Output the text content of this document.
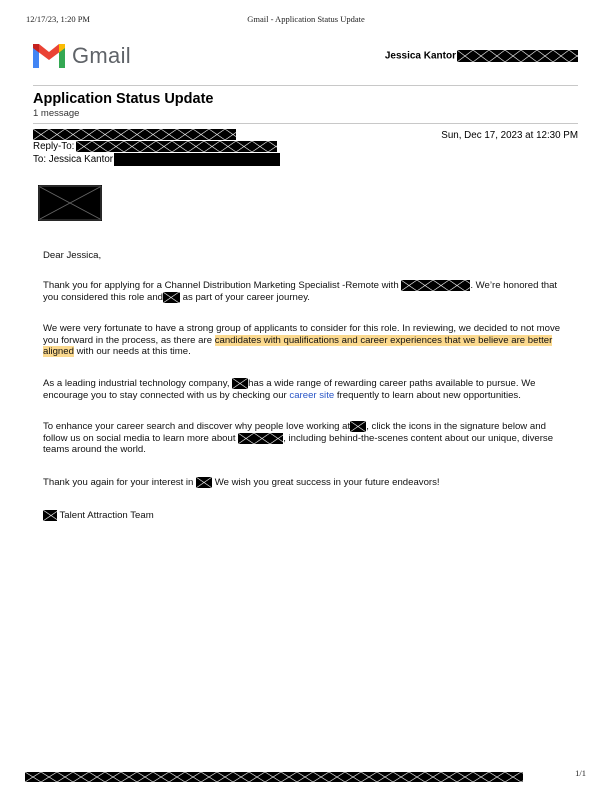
12/17/23, 1:20 PM	Gmail - Application Status Update
Gmail	Jessica Kantor
Application Status Update
1 message
Sun, Dec 17, 2023 at 12:30 PM
Reply-To:
To: Jessica Kantor
Dear Jessica,
Thank you for applying for a Channel Distribution Marketing Specialist -Remote with	. We’re honored that
you considered this role and as part of your career journey.
We were very fortunate to have a strong group of applicants to consider for this role. In reviewing, we decided to not move
you forward in the process, as there are candidates with qualifications and career experiences that we believe are better
aligned with our needs at this time.
As a leading industrial technology company, has a wide range of rewarding career paths available to pursue. We
encourage you to stay connected with us by checking our career site frequently to learn about new opportunities.
To enhance your career search and discover why people love working at , click the icons in the signature below and
follow us on social media to learn more about	, including behind-the-scenes content about our unique, diverse
teams around the world.
Thank you again for your interest in We wish you great success in your future endeavors!
Talent Attraction Team
1/1
